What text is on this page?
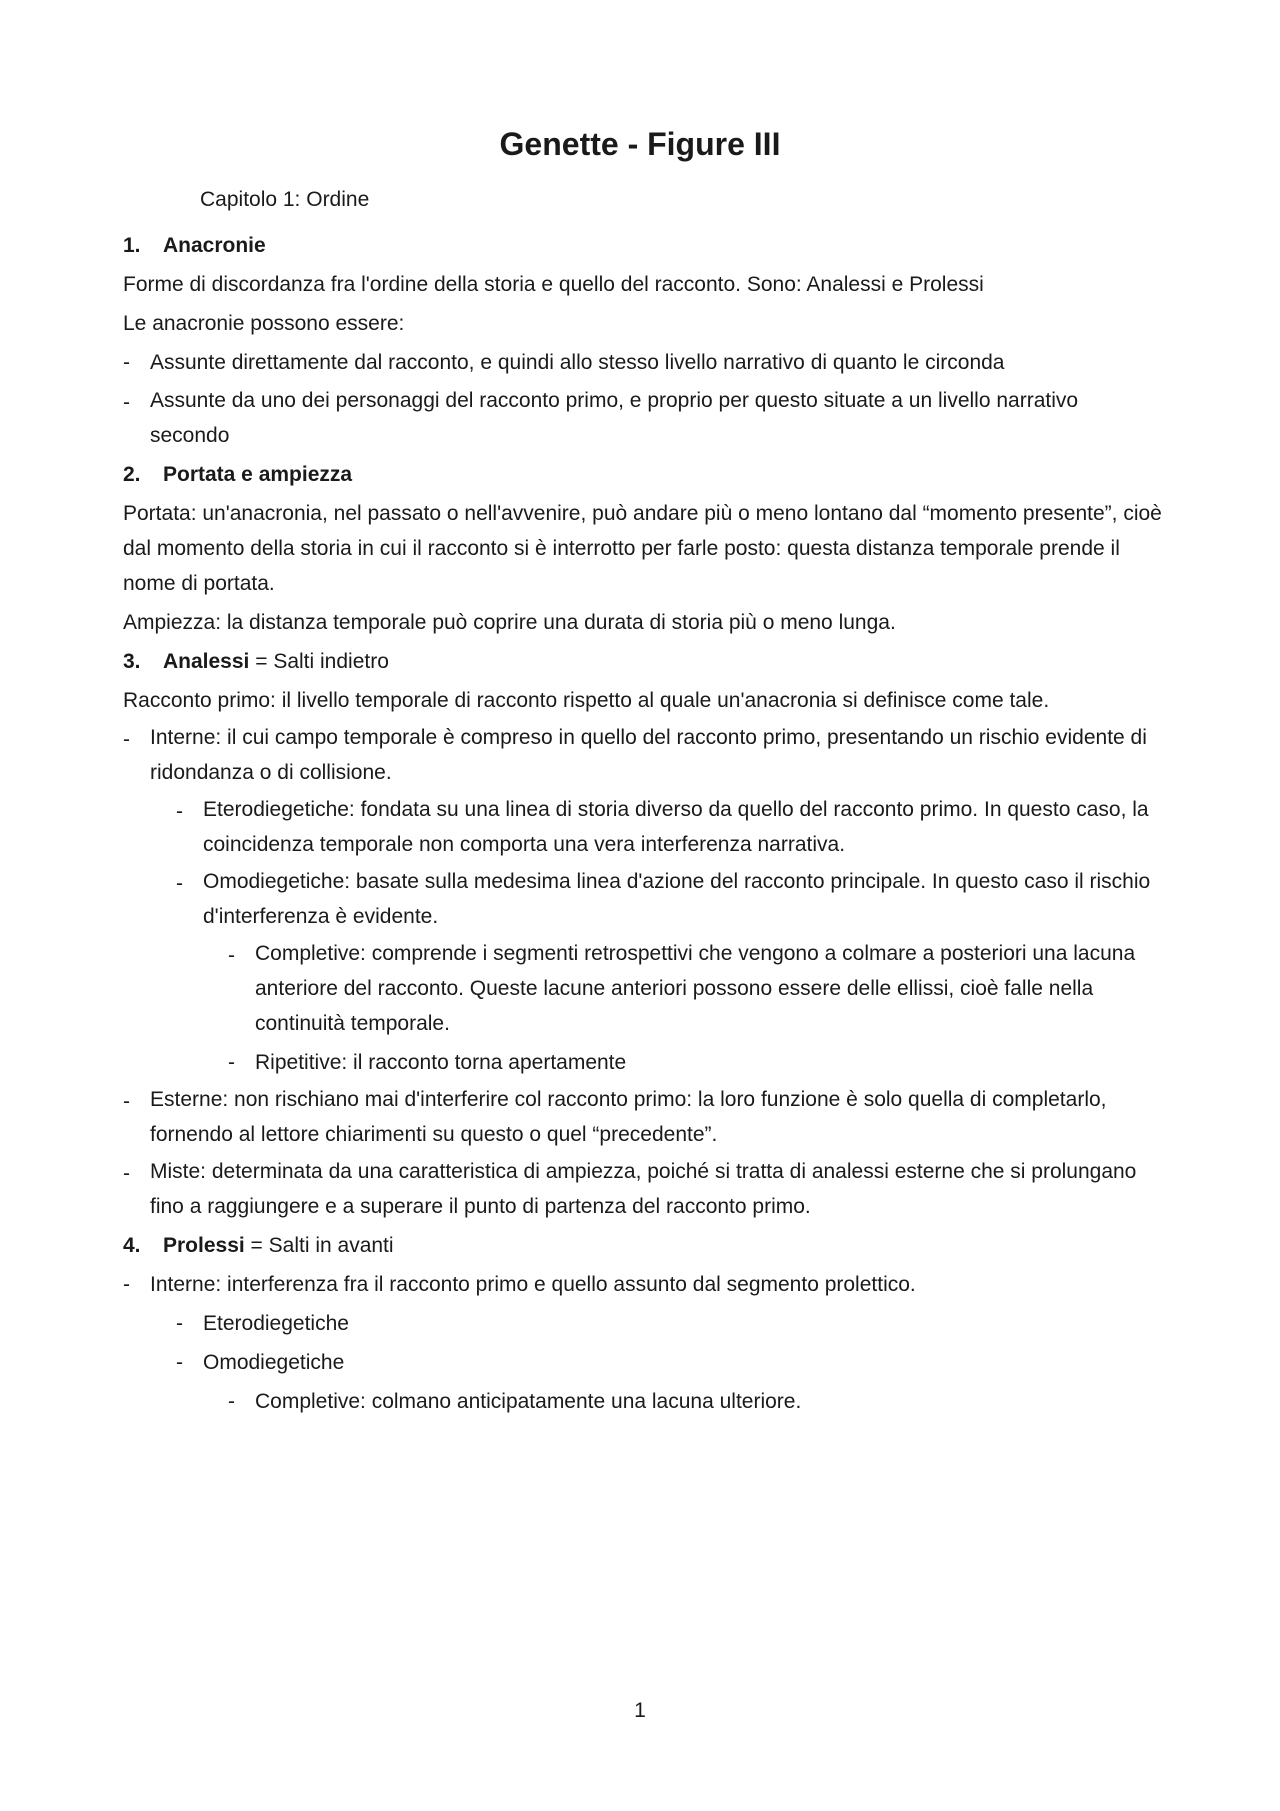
Genette - Figure III

Capitolo 1: Ordine

1.	Anacronie

Forme di discordanza fra l'ordine della storia e quello del racconto. Sono: Analessi e Prolessi

Le anacronie possono essere:

- Assunte direttamente dal racconto, e quindi allo stesso livello narrativo di quanto le circonda
- Assunte da uno dei personaggi del racconto primo, e proprio per questo situate a un livello narrativo secondo
2.	Portata e ampiezza

Portata: un'anacronia, nel passato o nell'avvenire, può andare più o meno lontano dal “momento presente”, cioè dal momento della storia in cui il racconto si è interrotto per farle posto: questa distanza temporale prende il nome di portata.

Ampiezza: la distanza temporale può coprire una durata di storia più o meno lunga.

3.	Analessi = Salti indietro

Racconto primo: il livello temporale di racconto rispetto al quale un'anacronia si definisce come tale.

- Interne: il cui campo temporale è compreso in quello del racconto primo, presentando un rischio evidente di ridondanza o di collisione.
- Eterodiegetiche: fondata su una linea di storia diverso da quello del racconto primo. In questo caso, la coincidenza temporale non comporta una vera interferenza narrativa.
- Omodiegetiche: basate sulla medesima linea d'azione del racconto principale. In questo caso il rischio d'interferenza è evidente.
- Completive: comprende i segmenti retrospettivi che vengono a colmare a posteriori una lacuna anteriore del racconto. Queste lacune anteriori possono essere delle ellissi, cioè falle nella continuità temporale.
- Ripetitive: il racconto torna apertamente
- Esterne: non rischiano mai d'interferire col racconto primo: la loro funzione è solo quella di completarlo, fornendo al lettore chiarimenti su questo o quel “precedente”.
- Miste: determinata da una caratteristica di ampiezza, poiché si tratta di analessi esterne che si prolungano fino a raggiungere e a superare il punto di partenza del racconto primo.
4.	Prolessi = Salti in avanti
- Interne: interferenza fra il racconto primo e quello assunto dal segmento prolettico.
- Eterodiegetiche
- Omodiegetiche
- Completive: colmano anticipatamente una lacuna ulteriore.
1
